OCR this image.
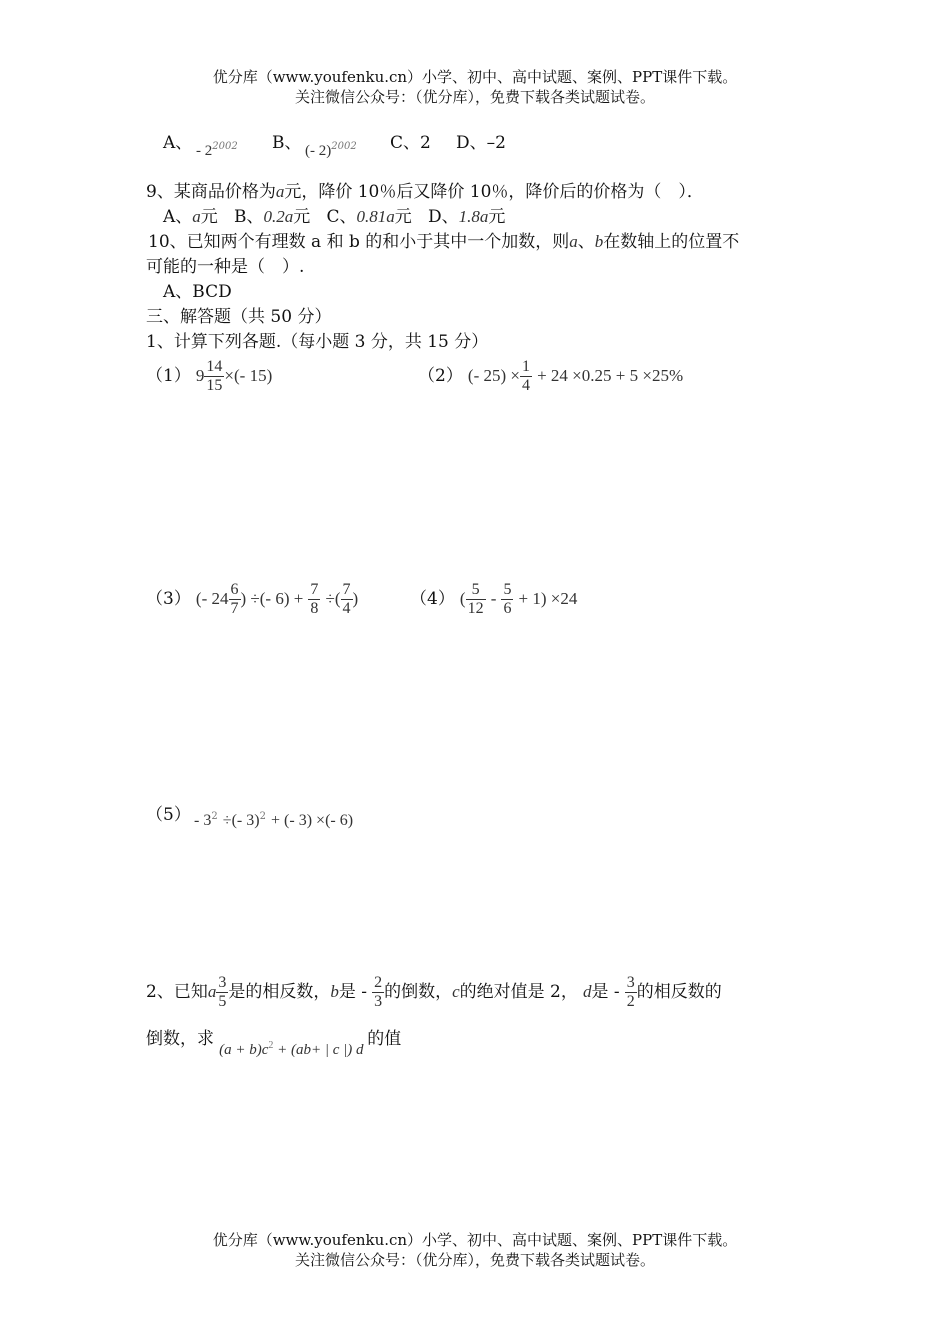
优分库（www.youfenku.cn）小学、初中、高中试题、案例、PPT课件下载。
关注微信公众号：（优分库），免费下载各类试题试卷。
A、 - $2^{2002}$ B、 (- 2)$^{2002}$ C、2 D、–2
9、某商品价格为a元，降价 10％后又降价 10％，降价后的价格为（　）．
A、a元 B、0.2a元 C、0.81a元 D、1.8a元
10、已知两个有理数 a 和 b 的和小于其中一个加数，则a、b在数轴上的位置不
可能的一种是（　）.
A、BCD
三、解答题（共 50 分）
1、计算下列各题.（每小题 3 分，共 15 分）
（1） $9 \frac{14}{15}$ ×(- 15)	（2） (- $25) \times \frac{1}{4} + 24 \times 0.25 + 5 \times 25\%$
（3） (- $24 \frac{6}{7}$ ) ÷(- $6) + \frac{7}{8}$ ÷( $\frac{7}{4}$ )	（4） ( $\frac{5}{12} - \frac{5}{6} + 1) \times 24$
$(5) - 3^2$ ÷(- 3)$^2$ + (- 3) ×(- 6)
2、已知a $\frac{3}{5}$ 是的相反数，b是 - $\frac{2}{3}$ 的倒数，c的绝对值是 2， d是 - $\frac{3}{2}$ 的相反数的
倒数，求 $(a + b)c^2 + (ab+$ | c |) d 的值
优分库（www.youfenku.cn）小学、初中、高中试题、案例、PPT课件下载。
关注微信公众号：（优分库），免费下载各类试题试卷。
